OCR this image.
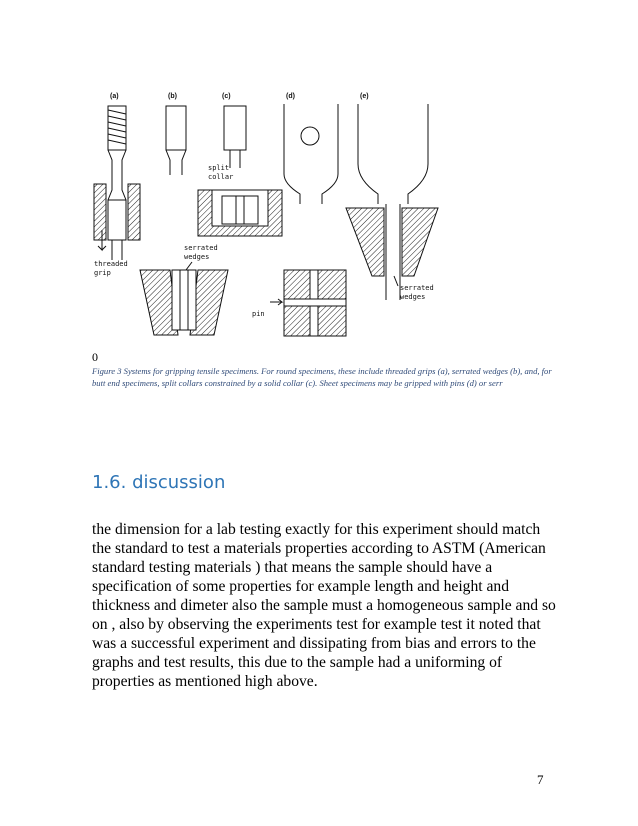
(a)	(b)	(c)	(d)	(e)
threaded
grip
serrated
wedges
split
collar
pin
serrated
wedges
0
Figure 3 Systems for gripping tensile specimens. For round specimens, these include threaded grips (a), serrated wedges (b), and, for butt end specimens, split collars constrained by a solid collar (c). Sheet specimens may be gripped with pins (d) or serr
1.6. discussion
the dimension for a lab testing exactly for this experiment should match the standard to test a materials properties according to ASTM (American standard testing materials ) that means the sample should have a specification of some properties for example length and height and thickness and dimeter also the sample must a homogeneous sample and so on , also by observing the experiments test for example test it noted that was a successful experiment and dissipating from bias and errors to the graphs and test results, this due to the sample had a uniforming of properties as mentioned high above.
7
